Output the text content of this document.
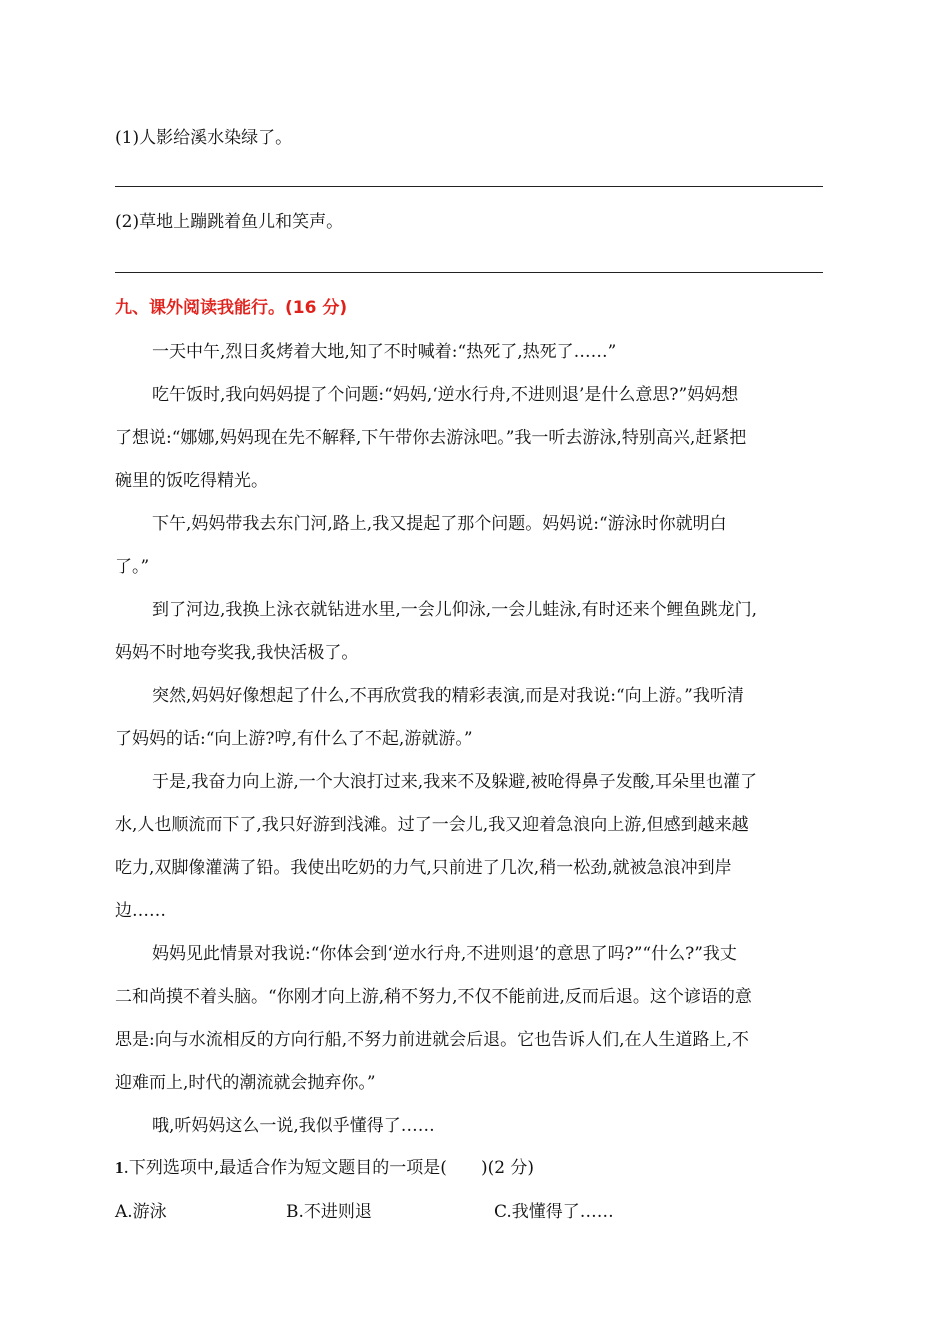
(1)人影给溪水染绿了。
(2)草地上蹦跳着鱼儿和笑声。
九、课外阅读我能行。(16 分)
一天中午,烈日炙烤着大地,知了不时喊着:“热死了,热死了……”
吃午饭时,我向妈妈提了个问题:“妈妈,‘逆水行舟,不进则退’是什么意思?”妈妈想
了想说:“娜娜,妈妈现在先不解释,下午带你去游泳吧。”我一听去游泳,特别高兴,赶紧把
碗里的饭吃得精光。
下午,妈妈带我去东门河,路上,我又提起了那个问题。妈妈说:“游泳时你就明白
了。”
到了河边,我换上泳衣就钻进水里,一会儿仰泳,一会儿蛙泳,有时还来个鲤鱼跳龙门,
妈妈不时地夸奖我,我快活极了。
突然,妈妈好像想起了什么,不再欣赏我的精彩表演,而是对我说:“向上游。”我听清
了妈妈的话:“向上游?哼,有什么了不起,游就游。”
于是,我奋力向上游,一个大浪打过来,我来不及躲避,被呛得鼻子发酸,耳朵里也灌了
水,人也顺流而下了,我只好游到浅滩。过了一会儿,我又迎着急浪向上游,但感到越来越
吃力,双脚像灌满了铅。我使出吃奶的力气,只前进了几次,稍一松劲,就被急浪冲到岸
边……
妈妈见此情景对我说:“你体会到‘逆水行舟,不进则退’的意思了吗?”“什么?”我丈
二和尚摸不着头脑。“你刚才向上游,稍不努力,不仅不能前进,反而后退。这个谚语的意
思是:向与水流相反的方向行船,不努力前进就会后退。它也告诉人们,在人生道路上,不
迎难而上,时代的潮流就会抛弃你。”
哦,听妈妈这么一说,我似乎懂得了……
1.下列选项中,最适合作为短文题目的一项是(　　)(2 分)
A.游泳	B.不进则退	C.我懂得了……
